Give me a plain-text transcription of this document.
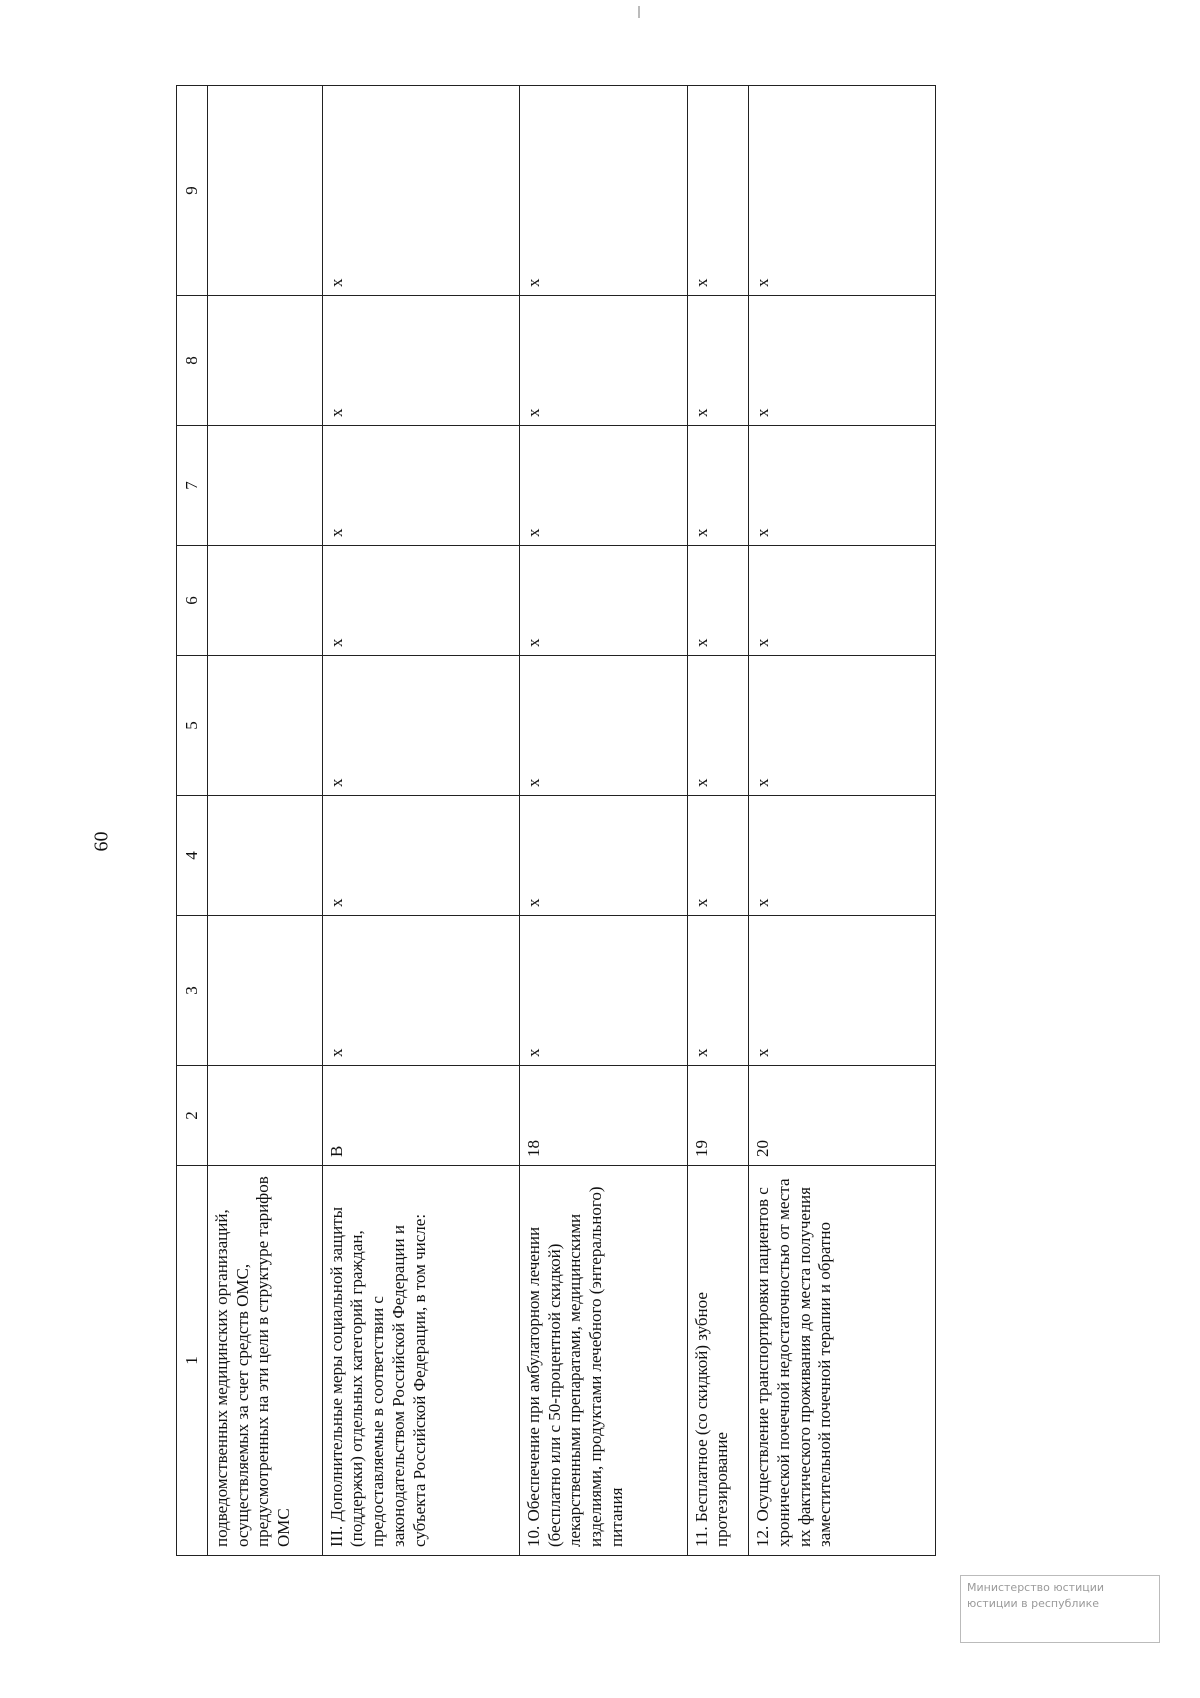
60
1	2	3	4	5	6	7	8	9
подведомственных медицинских организаций, осуществляемых за счет средств ОМС, предусмотренных на эти цели в структуре тарифов ОМС								
III. Дополнительные меры социальной защиты (поддержки) отдельных категорий граждан, предоставляемые в соответствии с законодательством Российской Федерации и субъекта Российской Федерации, в том числе:	В	х	х	х	х	х	х	х
10. Обеспечение при амбулаторном лечении (бесплатно или с 50-процентной скидкой) лекарственными препаратами, медицинскими изделиями, продуктами лечебного (энтерального) питания	18	х	х	х	х	х	х	х
11. Бесплатное (со скидкой) зубное протезирование	19	х	х	х	х	х	х	х
12. Осуществление транспортировки пациентов с хронической почечной недостаточностью от места их фактического проживания до места получения заместительной почечной терапии и обратно	20	х	х	х	х	х	х	х
Министерство юстиции
юстиции в республике
